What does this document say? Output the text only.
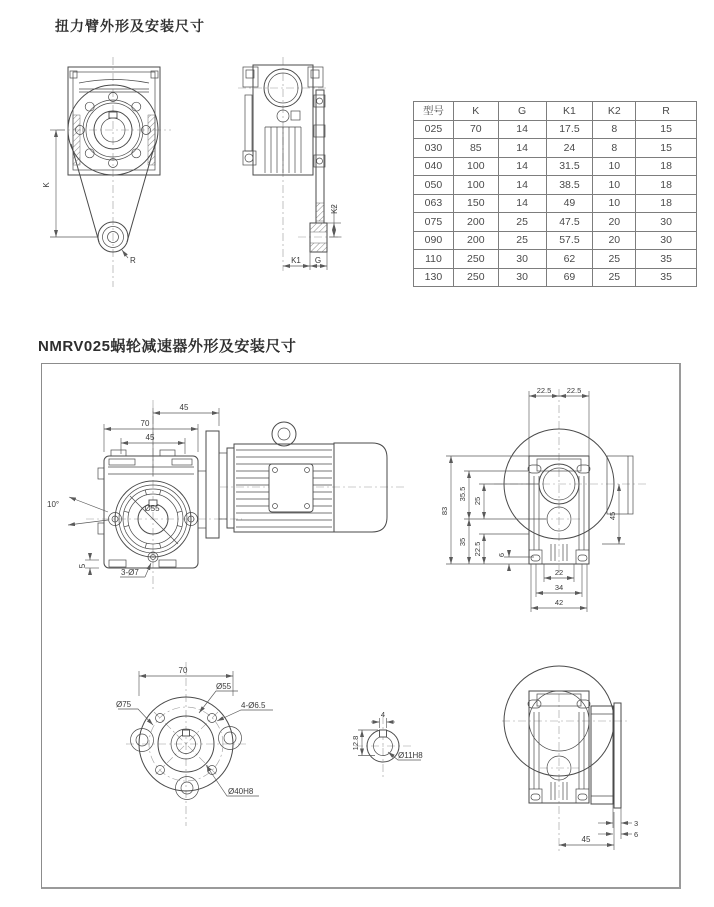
扭力臂外形及安装尺寸
K
R
K2
K1 G
型号	K	G	K1	K2	R
025	70	14	17.5	8	15
030	85	14	24	8	15
040	100	14	31.5	10	18
050	100	14	38.5	10	18
063	150	14	49	10	18
075	200	25	47.5	20	30
090	200	25	57.5	20	30
110	250	30	62	25	35
130	250	30	69	25	35
NMRV025蜗轮减速器外形及安装尺寸
45
70
45
10°	Ø55
5
3-Ø7
22.5 22.5
83
35.5
35
25
22.5 6
45
22
34
42
70
Ø55
Ø75	4-Ø6.5
Ø40H8
4
12.8
Ø11H8
3
6
45
